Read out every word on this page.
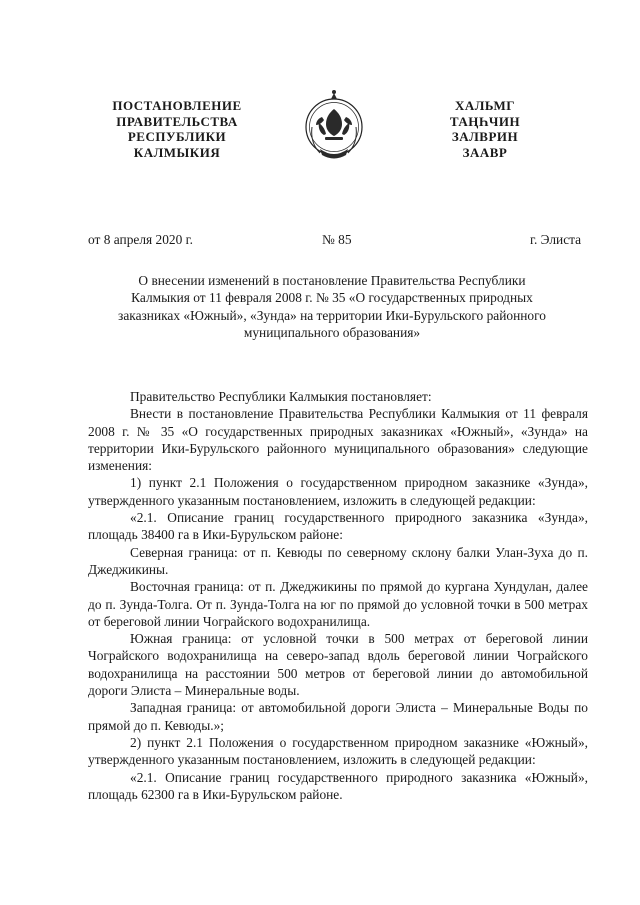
ПОСТАНОВЛЕНИЕ
ПРАВИТЕЛЬСТВА
РЕСПУБЛИКИ
КАЛМЫКИЯ
ХАЛЬМГ
ТАҢҺЧИН
ЗАЛВРИН
ЗААВР
от 8 апреля 2020 г.	№ 85	г. Элиста
О внесении изменений в постановление Правительства Республики
Калмыкия от 11 февраля 2008 г. № 35 «О государственных природных
заказниках «Южный», «Зунда» на территории Ики-Бурульского районного
муниципального образования»

Правительство Республики Калмыкия постановляет:

Внести в постановление Правительства Республики Калмыкия от 11 февраля 2008 г. № 35 «О государственных природных заказниках «Южный», «Зунда» на территории Ики-Бурульского районного муниципального образования» следующие изменения:

1) пункт 2.1 Положения о государственном природном заказнике «Зунда», утвержденного указанным постановлением, изложить в следующей редакции:

«2.1. Описание границ государственного природного заказника «Зунда», площадь 38400 га в Ики-Бурульском районе:

Северная граница: от п. Кевюды по северному склону балки Улан-Зуха до п. Джеджикины.

Восточная граница: от п. Джеджикины по прямой до кургана Хундулан, далее до п. Зунда-Толга. От п. Зунда-Толга на юг по прямой до условной точки в 500 метрах от береговой линии Чограйского водохранилища.

Южная граница: от условной точки в 500 метрах от береговой линии Чограйского водохранилища на северо-запад вдоль береговой линии Чограйского водохранилища на расстоянии 500 метров от береговой линии до автомобильной дороги Элиста – Минеральные воды.

Западная граница: от автомобильной дороги Элиста – Минеральные Воды по прямой до п. Кевюды.»;

2) пункт 2.1 Положения о государственном природном заказнике «Южный», утвержденного указанным постановлением, изложить в следующей редакции:

«2.1. Описание границ государственного природного заказника «Южный», площадь 62300 га в Ики-Бурульском районе.
